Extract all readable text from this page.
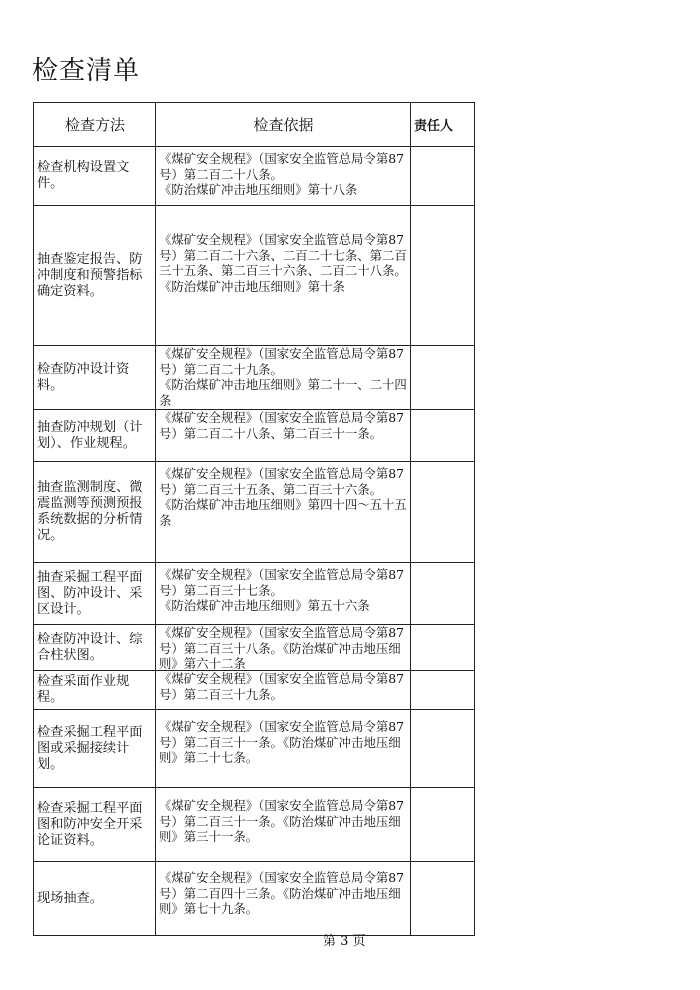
检查清单
检查方法	检查依据	责任人
检查机构设置文件。	《煤矿安全规程》（国家安全监管总局令第87号）第二百二十八条。
《防治煤矿冲击地压细则》第十八条	

抽查鉴定报告、防冲制度和预警指标确定资料。	《煤矿安全规程》（国家安全监管总局令第87号）第二百二十六条、二百二十七条、第二百三十五条、第二百三十六条、二百二十八条。
《防治煤矿冲击地压细则》第十条	

检查防冲设计资料。	《煤矿安全规程》（国家安全监管总局令第87号）第二百二十九条。
《防治煤矿冲击地压细则》第二十一、二十四条	

抽查防冲规划（计划）、作业规程。	《煤矿安全规程》（国家安全监管总局令第87号）第二百二十八条、第二百三十一条。	

抽查监测制度、微震监测等预测预报系统数据的分析情况。	《煤矿安全规程》（国家安全监管总局令第87号）第二百三十五条、第二百三十六条。
《防治煤矿冲击地压细则》第四十四～五十五条	

抽查采掘工程平面图、防冲设计、采区设计。	《煤矿安全规程》（国家安全监管总局令第87号）第二百三十七条。
《防治煤矿冲击地压细则》第五十六条	

检查防冲设计、综合柱状图。	《煤矿安全规程》（国家安全监管总局令第87号）第二百三十八条。《防治煤矿冲击地压细则》第六十二条	

检查采面作业规程。	《煤矿安全规程》（国家安全监管总局令第87号）第二百三十九条。	

检查采掘工程平面图或采掘接续计划。	《煤矿安全规程》（国家安全监管总局令第87号）第二百三十一条。《防治煤矿冲击地压细则》第二十七条。	

检查采掘工程平面图和防冲安全开采论证资料。	《煤矿安全规程》（国家安全监管总局令第87号）第二百三十一条。《防治煤矿冲击地压细则》第三十一条。	

现场抽查。	《煤矿安全规程》（国家安全监管总局令第87号）第二百四十三条。《防治煤矿冲击地压细则》第七十九条。	

第 3 页
